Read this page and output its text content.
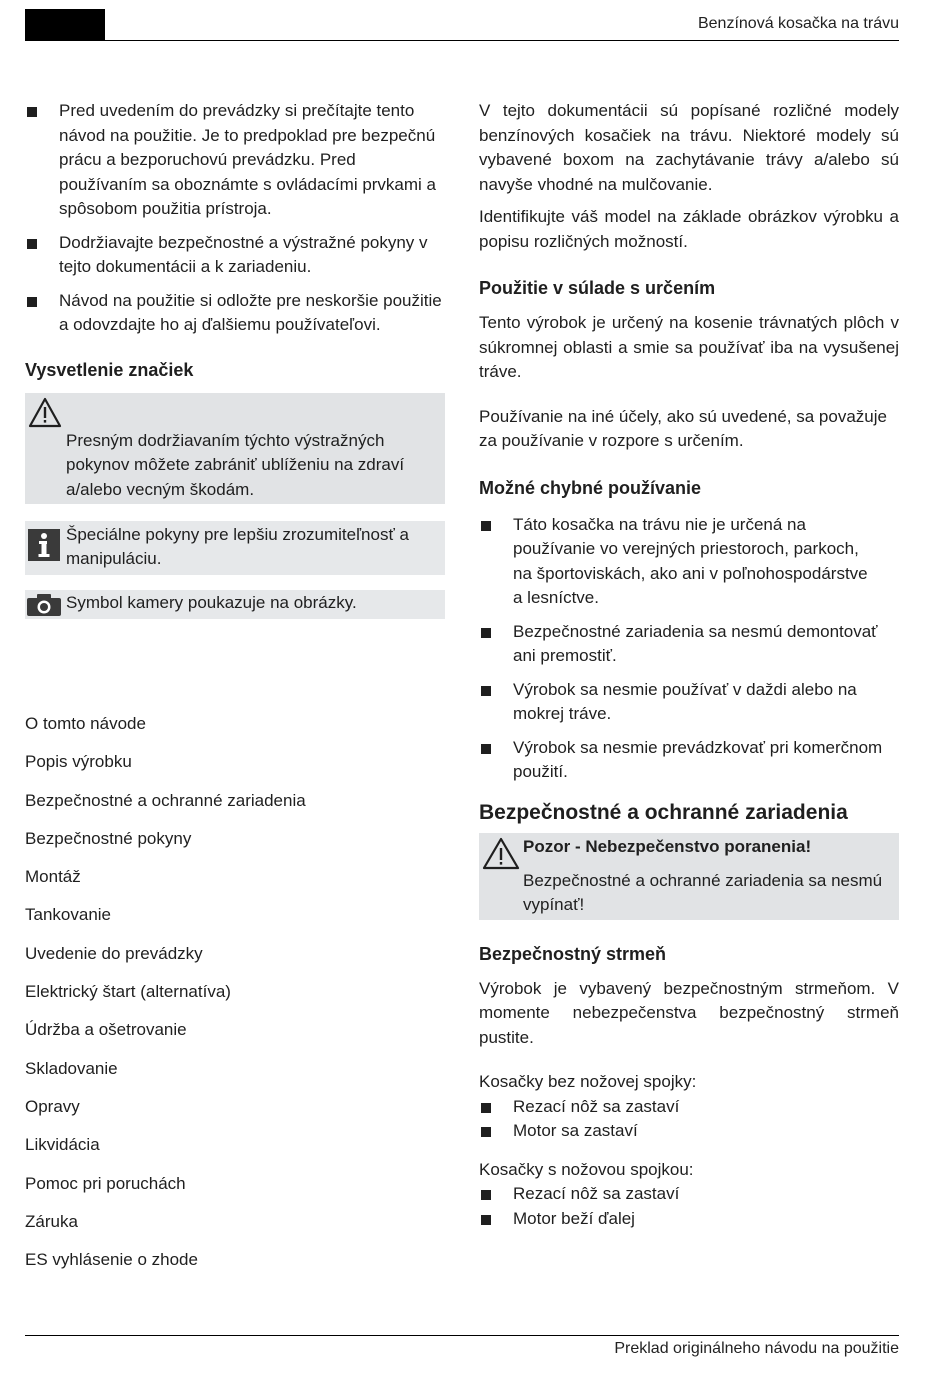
Benzínová kosačka na trávu
Pred uvedením do prevádzky si prečítajte tento návod na použitie. Je to predpoklad pre bezpečnú prácu a bezporuchovú prevádzku. Pred používaním sa oboznámte s ovládacími prvkami a spôsobom použitia prístroja.
Dodržiavajte bezpečnostné a výstražné pokyny v tejto dokumentácii a k zariadeniu.
Návod na použitie si odložte pre neskoršie použitie a odovzdajte ho aj ďalšiemu používateľovi.
Vysvetlenie značiek
Presným dodržiavaním týchto výstražných pokynov môžete zabrániť ublíženiu na zdraví a/alebo vecným škodám.
Špeciálne pokyny pre lepšiu zrozumiteľnosť a manipuláciu.
Symbol kamery poukazuje na obrázky.
O tomto návode
Popis výrobku
Bezpečnostné a ochranné zariadenia
Bezpečnostné pokyny
Montáž
Tankovanie
Uvedenie do prevádzky
Elektrický štart (alternatíva)
Údržba a ošetrovanie
Skladovanie
Opravy
Likvidácia
Pomoc pri poruchách
Záruka
ES vyhlásenie o zhode

V tejto dokumentácii sú popísané rozličné modely benzínových kosačiek na trávu. Niektoré modely sú vybavené boxom na zachytávanie trávy a/alebo sú navyše vhodné na mulčovanie.

Identifikujte váš model na základe obrázkov výrobku a popisu rozličných možností.

Použitie v súlade s určením

Tento výrobok je určený na kosenie trávnatých plôch v súkromnej oblasti a smie sa používať iba na vysušenej tráve.

Používanie na iné účely, ako sú uvedené, sa považuje za používanie v rozpore s určením.

Možné chybné používanie
Táto kosačka na trávu nie je určená na používanie vo verejných priestoroch, parkoch, na športoviskách, ako ani v poľnohospodárstve a lesníctve.
Bezpečnostné zariadenia sa nesmú demontovať ani premostiť.
Výrobok sa nesmie používať v daždi alebo na mokrej tráve.
Výrobok sa nesmie prevádzkovať pri komerčnom použití.
Bezpečnostné a ochranné zariadenia
Pozor - Nebezpečenstvo poranenia!
Bezpečnostné a ochranné zariadenia sa nesmú vypínať!
Bezpečnostný strmeň

Výrobok je vybavený bezpečnostným strmeňom. V momente nebezpečenstva bezpečnostný strmeň pustite.

Kosačky bez nožovej spojky:
Rezací nôž sa zastaví
Motor sa zastaví
Kosačky s nožovou spojkou:
Rezací nôž sa zastaví
Motor beží ďalej
Preklad originálneho návodu na použitie
